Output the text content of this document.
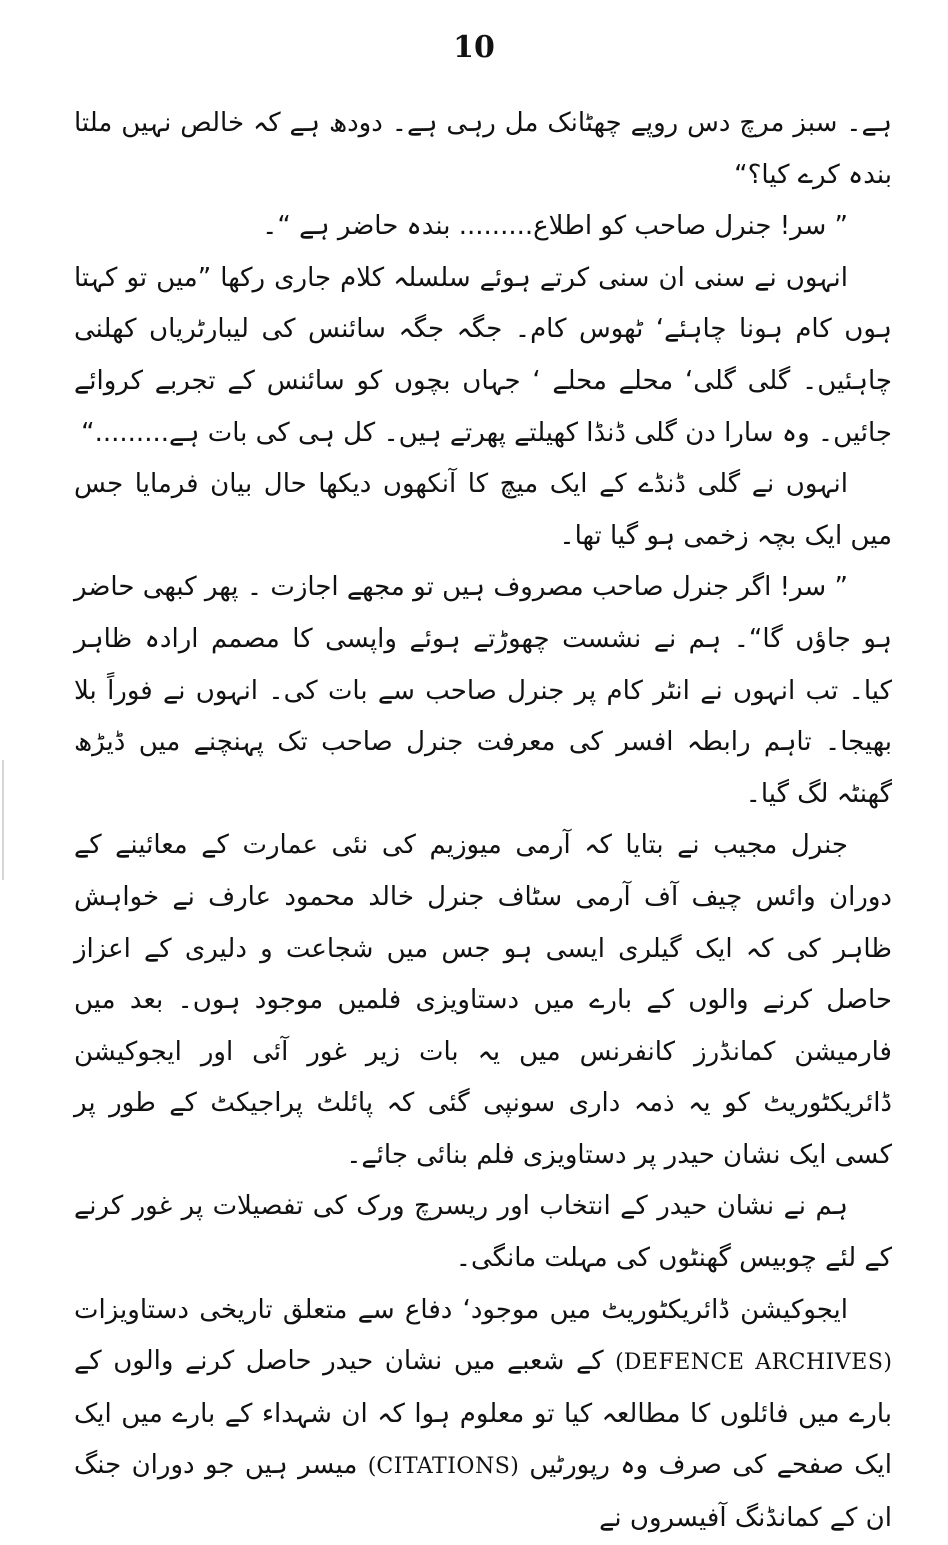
10

ہے۔ سبز مرچ دس روپے چھٹانک مل رہی ہے۔ دودھ ہے کہ خالص نہیں ملتا بندہ کرے کیا؟“

” سر! جنرل صاحب کو اطلاع......... بندہ حاضر ہے “۔

انہوں نے سنی ان سنی کرتے ہوئے سلسلہ کلام جاری رکھا ”میں تو کہتا ہوں کام ہونا چاہئے‘ ٹھوس کام۔ جگہ جگہ سائنس کی لیبارٹریاں کھلنی چاہئیں۔ گلی گلی‘ محلے محلے ‘ جہاں بچوں کو سائنس کے تجربے کروائے جائیں۔ وہ سارا دن گلی ڈنڈا کھیلتے پھرتے ہیں۔ کل ہی کی بات ہے.........“

انہوں نے گلی ڈنڈے کے ایک میچ کا آنکھوں دیکھا حال بیان فرمایا جس میں ایک بچہ زخمی ہو گیا تھا۔

” سر! اگر جنرل صاحب مصروف ہیں تو مجھے اجازت ۔ پھر کبھی حاضر ہو جاؤں گا“۔ ہم نے نشست چھوڑتے ہوئے واپسی کا مصمم ارادہ ظاہر کیا۔ تب انہوں نے انٹر کام پر جنرل صاحب سے بات کی۔ انہوں نے فوراً بلا بھیجا۔ تاہم رابطہ افسر کی معرفت جنرل صاحب تک پہنچنے میں ڈیڑھ گھنٹہ لگ گیا۔

جنرل مجیب نے بتایا کہ آرمی میوزیم کی نئی عمارت کے معائینے کے دوران وائس چیف آف آرمی سٹاف جنرل خالد محمود عارف نے خواہش ظاہر کی کہ ایک گیلری ایسی ہو جس میں شجاعت و دلیری کے اعزاز حاصل کرنے والوں کے بارے میں دستاویزی فلمیں موجود ہوں۔ بعد میں فارمیشن کمانڈرز کانفرنس میں یہ بات زیر غور آئی اور ایجوکیشن ڈائریکٹوریٹ کو یہ ذمہ داری سونپی گئی کہ پائلٹ پراجیکٹ کے طور پر کسی ایک نشان حیدر پر دستاویزی فلم بنائی جائے۔

ہم نے نشان حیدر کے انتخاب اور ریسرچ ورک کی تفصیلات پر غور کرنے کے لئے چوبیس گھنٹوں کی مہلت مانگی۔

ایجوکیشن ڈائریکٹوریٹ میں موجود‘ دفاع سے متعلق تاریخی دستاویزات (DEFENCE ARCHIVES) کے شعبے میں نشان حیدر حاصل کرنے والوں کے بارے میں فائلوں کا مطالعہ کیا تو معلوم ہوا کہ ان شہداء کے بارے میں ایک ایک صفحے کی صرف وہ رپورٹیں (CITATIONS) میسر ہیں جو دوران جنگ ان کے کمانڈنگ آفیسروں نے
